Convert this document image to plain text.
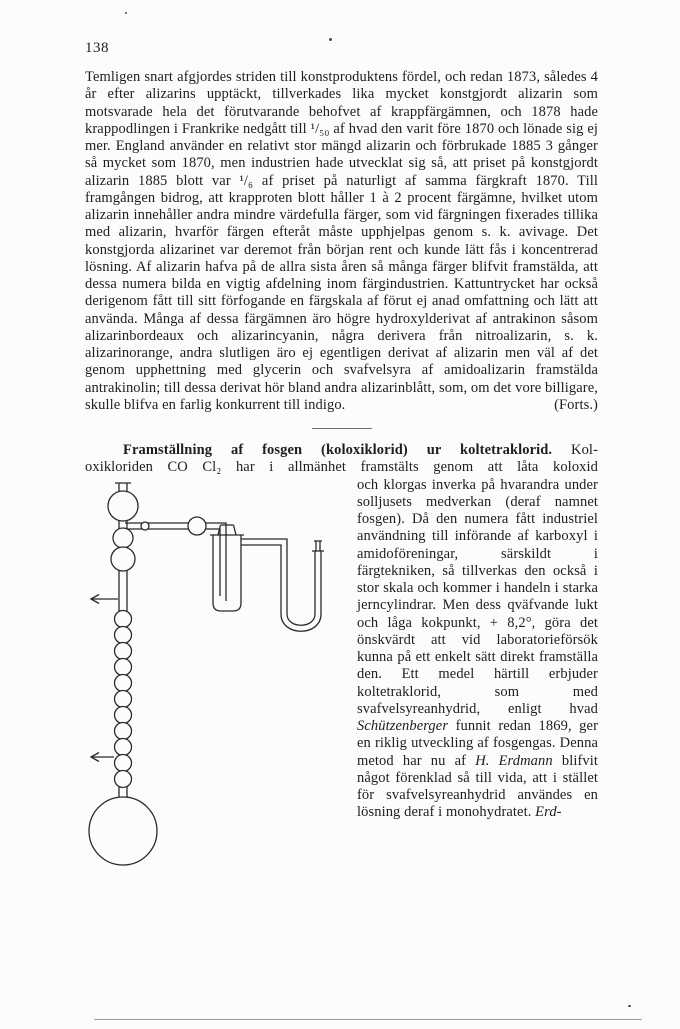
138

Temligen snart afgjordes striden till konstproduktens fördel, och redan 1873, således 4 år efter alizarins upptäckt, tillverkades lika mycket konstgjordt alizarin som motsvarade hela det förutvarande behofvet af krappfärgämnen, och 1878 hade krappodlingen i Frankrike nedgått till ¹/₅₀ af hvad den varit före 1870 och lönade sig ej mer. England använder en relativt stor mängd alizarin och förbrukade 1885 3 gånger så mycket som 1870, men industrien hade utvecklat sig så, att priset på konstgjordt alizarin 1885 blott var ¹/₆ af priset på naturligt af samma färgkraft 1870. Till framgången bidrog, att krapproten blott håller 1 à 2 procent färgämne, hvilket utom alizarin innehåller andra mindre värdefulla färger, som vid färgningen fixerades tillika med alizarin, hvarför färgen efteråt måste upphjelpas genom s. k. avivage. Det konstgjorda alizarinet var deremot från början rent och kunde lätt fås i koncentrerad lösning. Af alizarin hafva på de allra sista åren så många färger blifvit framstälda, att dessa numera bilda en vigtig afdelning inom färgindustrien. Kattuntrycket har också derigenom fått till sitt förfogande en färgskala af förut ej anad omfattning och lätt att använda. Många af dessa färgämnen äro högre hydroxylderivat af antrakinon såsom alizarinbordeaux och alizarincyanin, några derivera från nitroalizarin, s. k. alizarinorange, andra slutligen äro ej egentligen derivat af alizarin men väl af det genom upphettning med glycerin och svafvelsyra af amidoalizarin framstälda antrakinolin; till dessa derivat hör bland andra alizarinblått, som, om det vore billigare, skulle blifva en farlig konkurrent till indigo.	(Forts.)

Framställning af fosgen (koloxiklorid) ur koltetraklorid. Kol-
oxikloriden CO Cl₂ har i allmänhet framstälts genom att låta koloxid
och klorgas inverka på hvarandra under solljusets medverkan (deraf namnet fosgen). Då den numera fått industriel användning till införande af karboxyl i amidoföreningar, särskildt i färgtekniken, så tillverkas den också i stor skala och kommer i handeln i starka jerncylindrar. Men dess qväfvande lukt och låga kokpunkt, + 8,2°, göra det önskvärdt att vid laboratorieförsök kunna på ett enkelt sätt direkt framställa den. Ett medel härtill erbjuder koltetraklorid, som med svafvelsyreanhydrid, enligt hvad Schützenberger funnit redan 1869, ger en riklig utveckling af fosgengas. Denna metod har nu af H. Erdmann blifvit något förenklad så till vida, att i stället för svafvelsyreanhydrid användes en lösning deraf i monohydratet. Erd-
